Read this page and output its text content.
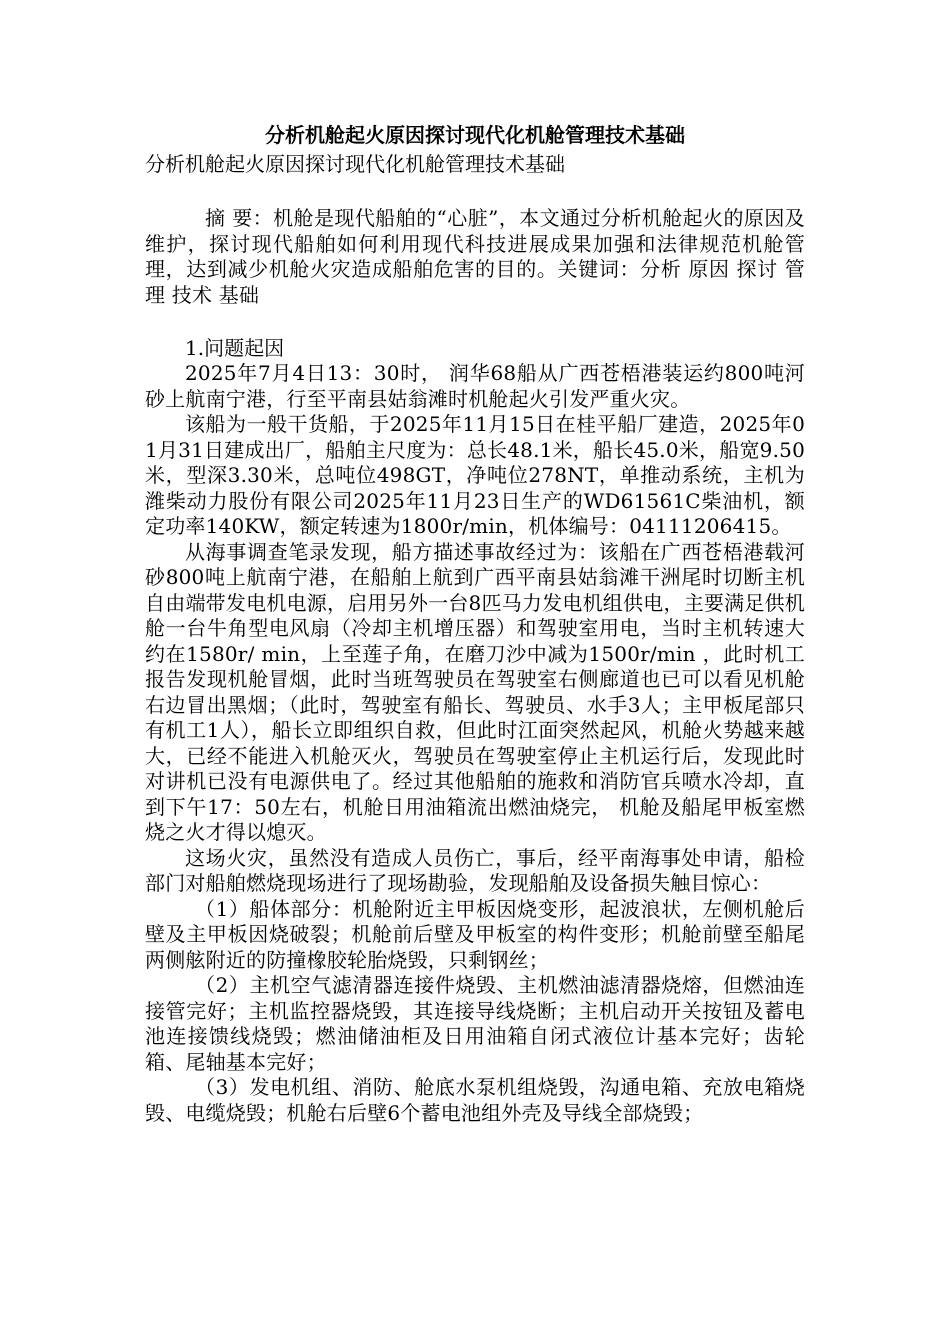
分析机舱起火原因探讨现代化机舱管理技术基础

分析机舱起火原因探讨现代化机舱管理技术基础

摘 要：机舱是现代船舶的“心脏”，本文通过分析机舱起火的原因及维护，探讨现代船舶如何利用现代科技进展成果加强和法律规范机舱管理，达到减少机舱火灾造成船舶危害的目的。关键词：分析 原因 探讨 管理 技术 基础

1.问题起因

2025年7月4日13：30时， 润华68船从广西苍梧港装运约800吨河砂上航南宁港，行至平南县姑翁滩时机舱起火引发严重火灾。

该船为一般干货船，于2025年11月15日在桂平船厂建造，2025年01月31日建成出厂，船舶主尺度为：总长48.1米，船长45.0米，船宽9.50米，型深3.30米，总吨位498GT，净吨位278NT，单推动系统，主机为潍柴动力股份有限公司2025年11月23日生产的WD61561C柴油机，额定功率140KW，额定转速为1800r/min，机体编号：04111206415。

从海事调查笔录发现，船方描述事故经过为：该船在广西苍梧港载河砂800吨上航南宁港，在船舶上航到广西平南县姑翁滩干洲尾时切断主机自由端带发电机电源，启用另外一台8匹马力发电机组供电，主要满足供机舱一台牛角型电风扇（冷却主机增压器）和驾驶室用电，当时主机转速大约在1580r/ min，上至莲子角，在磨刀沙中减为1500r/min ，此时机工报告发现机舱冒烟，此时当班驾驶员在驾驶室右侧廊道也已可以看见机舱右边冒出黑烟；（此时，驾驶室有船长、驾驶员、水手3人；主甲板尾部只有机工1人），船长立即组织自救，但此时江面突然起风，机舱火势越来越大，已经不能进入机舱灭火，驾驶员在驾驶室停止主机运行后，发现此时对讲机已没有电源供电了。经过其他船舶的施救和消防官兵喷水冷却，直到下午17：50左右，机舱日用油箱流出燃油烧完， 机舱及船尾甲板室燃烧之火才得以熄灭。

这场火灾，虽然没有造成人员伤亡，事后，经平南海事处申请，船检部门对船舶燃烧现场进行了现场勘验，发现船舶及设备损失触目惊心：

（1）船体部分：机舱附近主甲板因烧变形，起波浪状，左侧机舱后壁及主甲板因烧破裂；机舱前后壁及甲板室的构件变形；机舱前壁至船尾两侧舷附近的防撞橡胶轮胎烧毁，只剩钢丝；

（2）主机空气滤清器连接件烧毁、主机燃油滤清器烧熔，但燃油连接管完好；主机监控器烧毁，其连接导线烧断；主机启动开关按钮及蓄电池连接馈线烧毁；燃油储油柜及日用油箱自闭式液位计基本完好；齿轮箱、尾轴基本完好；

（3）发电机组、消防、舱底水泵机组烧毁，沟通电箱、充放电箱烧毁、电缆烧毁；机舱右后壁6个蓄电池组外壳及导线全部烧毁；
